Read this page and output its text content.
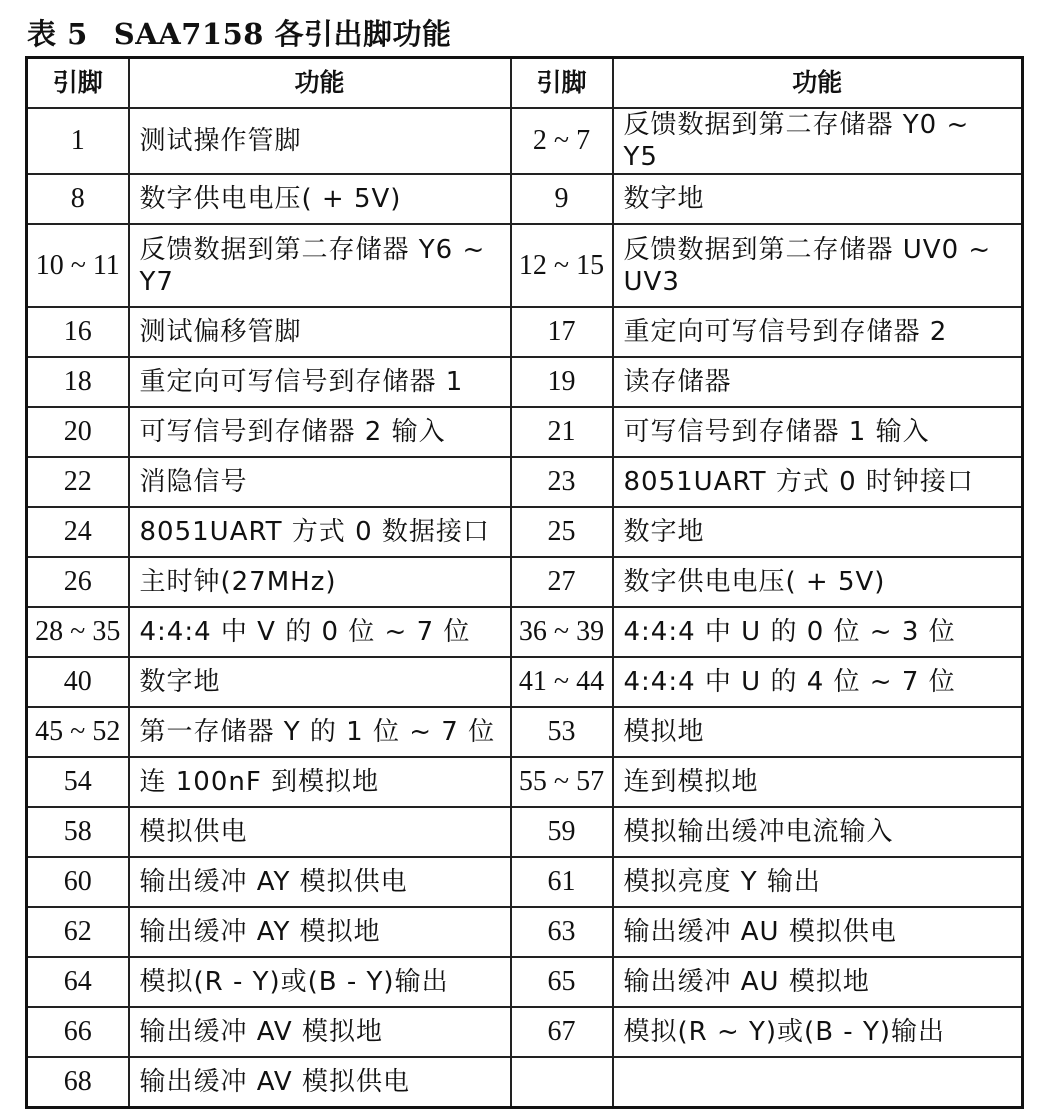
表 5 SAA7158 各引出脚功能
引脚	功能	引脚	功能
1	测试操作管脚	2 ~ 7	反馈数据到第二存储器 Y0 ~ Y5
8	数字供电电压( + 5V)	9	数字地
10 ~ 11	反馈数据到第二存储器 Y6 ~ Y7	12 ~ 15	反馈数据到第二存储器 UV0 ~ UV3
16	测试偏移管脚	17	重定向可写信号到存储器 2
18	重定向可写信号到存储器 1	19	读存储器
20	可写信号到存储器 2 输入	21	可写信号到存储器 1 输入
22	消隐信号	23	8051UART 方式 0 时钟接口
24	8051UART 方式 0 数据接口	25	数字地
26	主时钟(27MHz)	27	数字供电电压( + 5V)
28 ~ 35	4:4:4 中 V 的 0 位 ~ 7 位	36 ~ 39	4:4:4 中 U 的 0 位 ~ 3 位
40	数字地	41 ~ 44	4:4:4 中 U 的 4 位 ~ 7 位
45 ~ 52	第一存储器 Y 的 1 位 ~ 7 位	53	模拟地
54	连 100nF 到模拟地	55 ~ 57	连到模拟地
58	模拟供电	59	模拟输出缓冲电流输入
60	输出缓冲 AY 模拟供电	61	模拟亮度 Y 输出
62	输出缓冲 AY 模拟地	63	输出缓冲 AU 模拟供电
64	模拟(R - Y)或(B - Y)输出	65	输出缓冲 AU 模拟地
66	输出缓冲 AV 模拟地	67	模拟(R ~ Y)或(B - Y)输出
68	输出缓冲 AV 模拟供电		
